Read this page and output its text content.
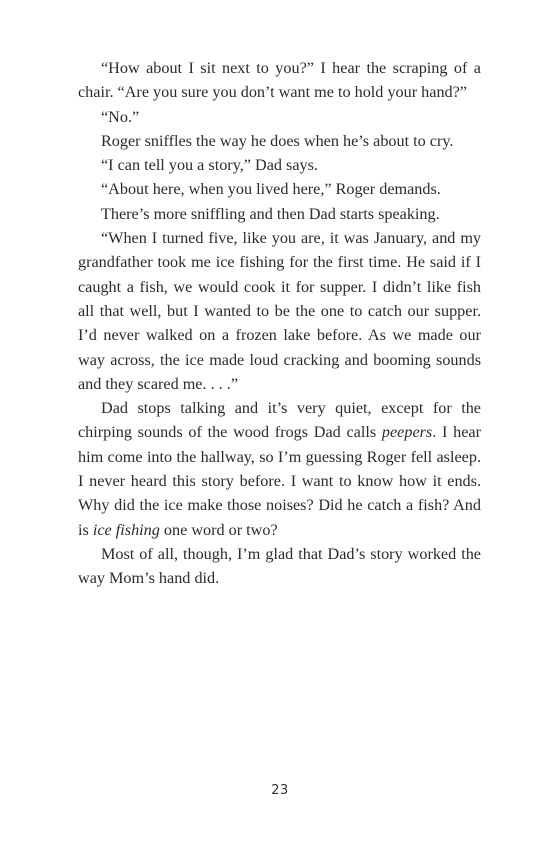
“How about I sit next to you?” I hear the scraping of a chair. “Are you sure you don’t want me to hold your hand?”

“No.”

Roger sniffles the way he does when he’s about to cry.

“I can tell you a story,” Dad says.

“About here, when you lived here,” Roger demands.

There’s more sniffling and then Dad starts speaking.

“When I turned five, like you are, it was January, and my grandfather took me ice fishing for the first time. He said if I caught a fish, we would cook it for supper. I didn’t like fish all that well, but I wanted to be the one to catch our supper. I’d never walked on a frozen lake before. As we made our way across, the ice made loud cracking and booming sounds and they scared me. . . .”

Dad stops talking and it’s very quiet, except for the chirping sounds of the wood frogs Dad calls peepers. I hear him come into the hallway, so I’m guessing Roger fell asleep. I never heard this story before. I want to know how it ends. Why did the ice make those noises? Did he catch a fish? And is ice fishing one word or two?

Most of all, though, I’m glad that Dad’s story worked the way Mom’s hand did.

23
